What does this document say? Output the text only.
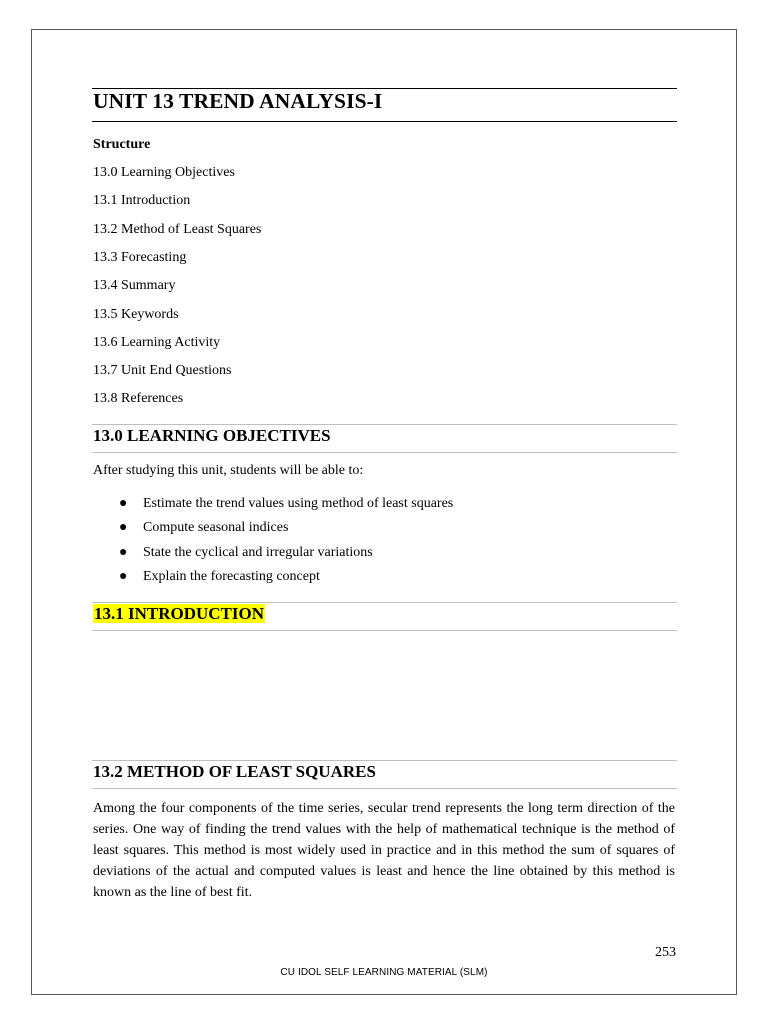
UNIT 13 TREND ANALYSIS-I
Structure
13.0 Learning Objectives
13.1 Introduction
13.2 Method of Least Squares
13.3 Forecasting
13.4 Summary
13.5 Keywords
13.6 Learning Activity
13.7 Unit End Questions
13.8 References
13.0 LEARNING OBJECTIVES
After studying this unit, students will be able to:
● Estimate the trend values using method of least squares
● Compute seasonal indices
● State the cyclical and irregular variations
● Explain the forecasting concept
13.1 INTRODUCTION
13.2 METHOD OF LEAST SQUARES
Among the four components of the time series, secular trend represents the long term direction of the series. One way of finding the trend values with the help of mathematical technique is the method of least squares. This method is most widely used in practice and in this method the sum of squares of deviations of the actual and computed values is least and hence the line obtained by this method is known as the line of best fit.
253
CU IDOL SELF LEARNING MATERIAL (SLM)
